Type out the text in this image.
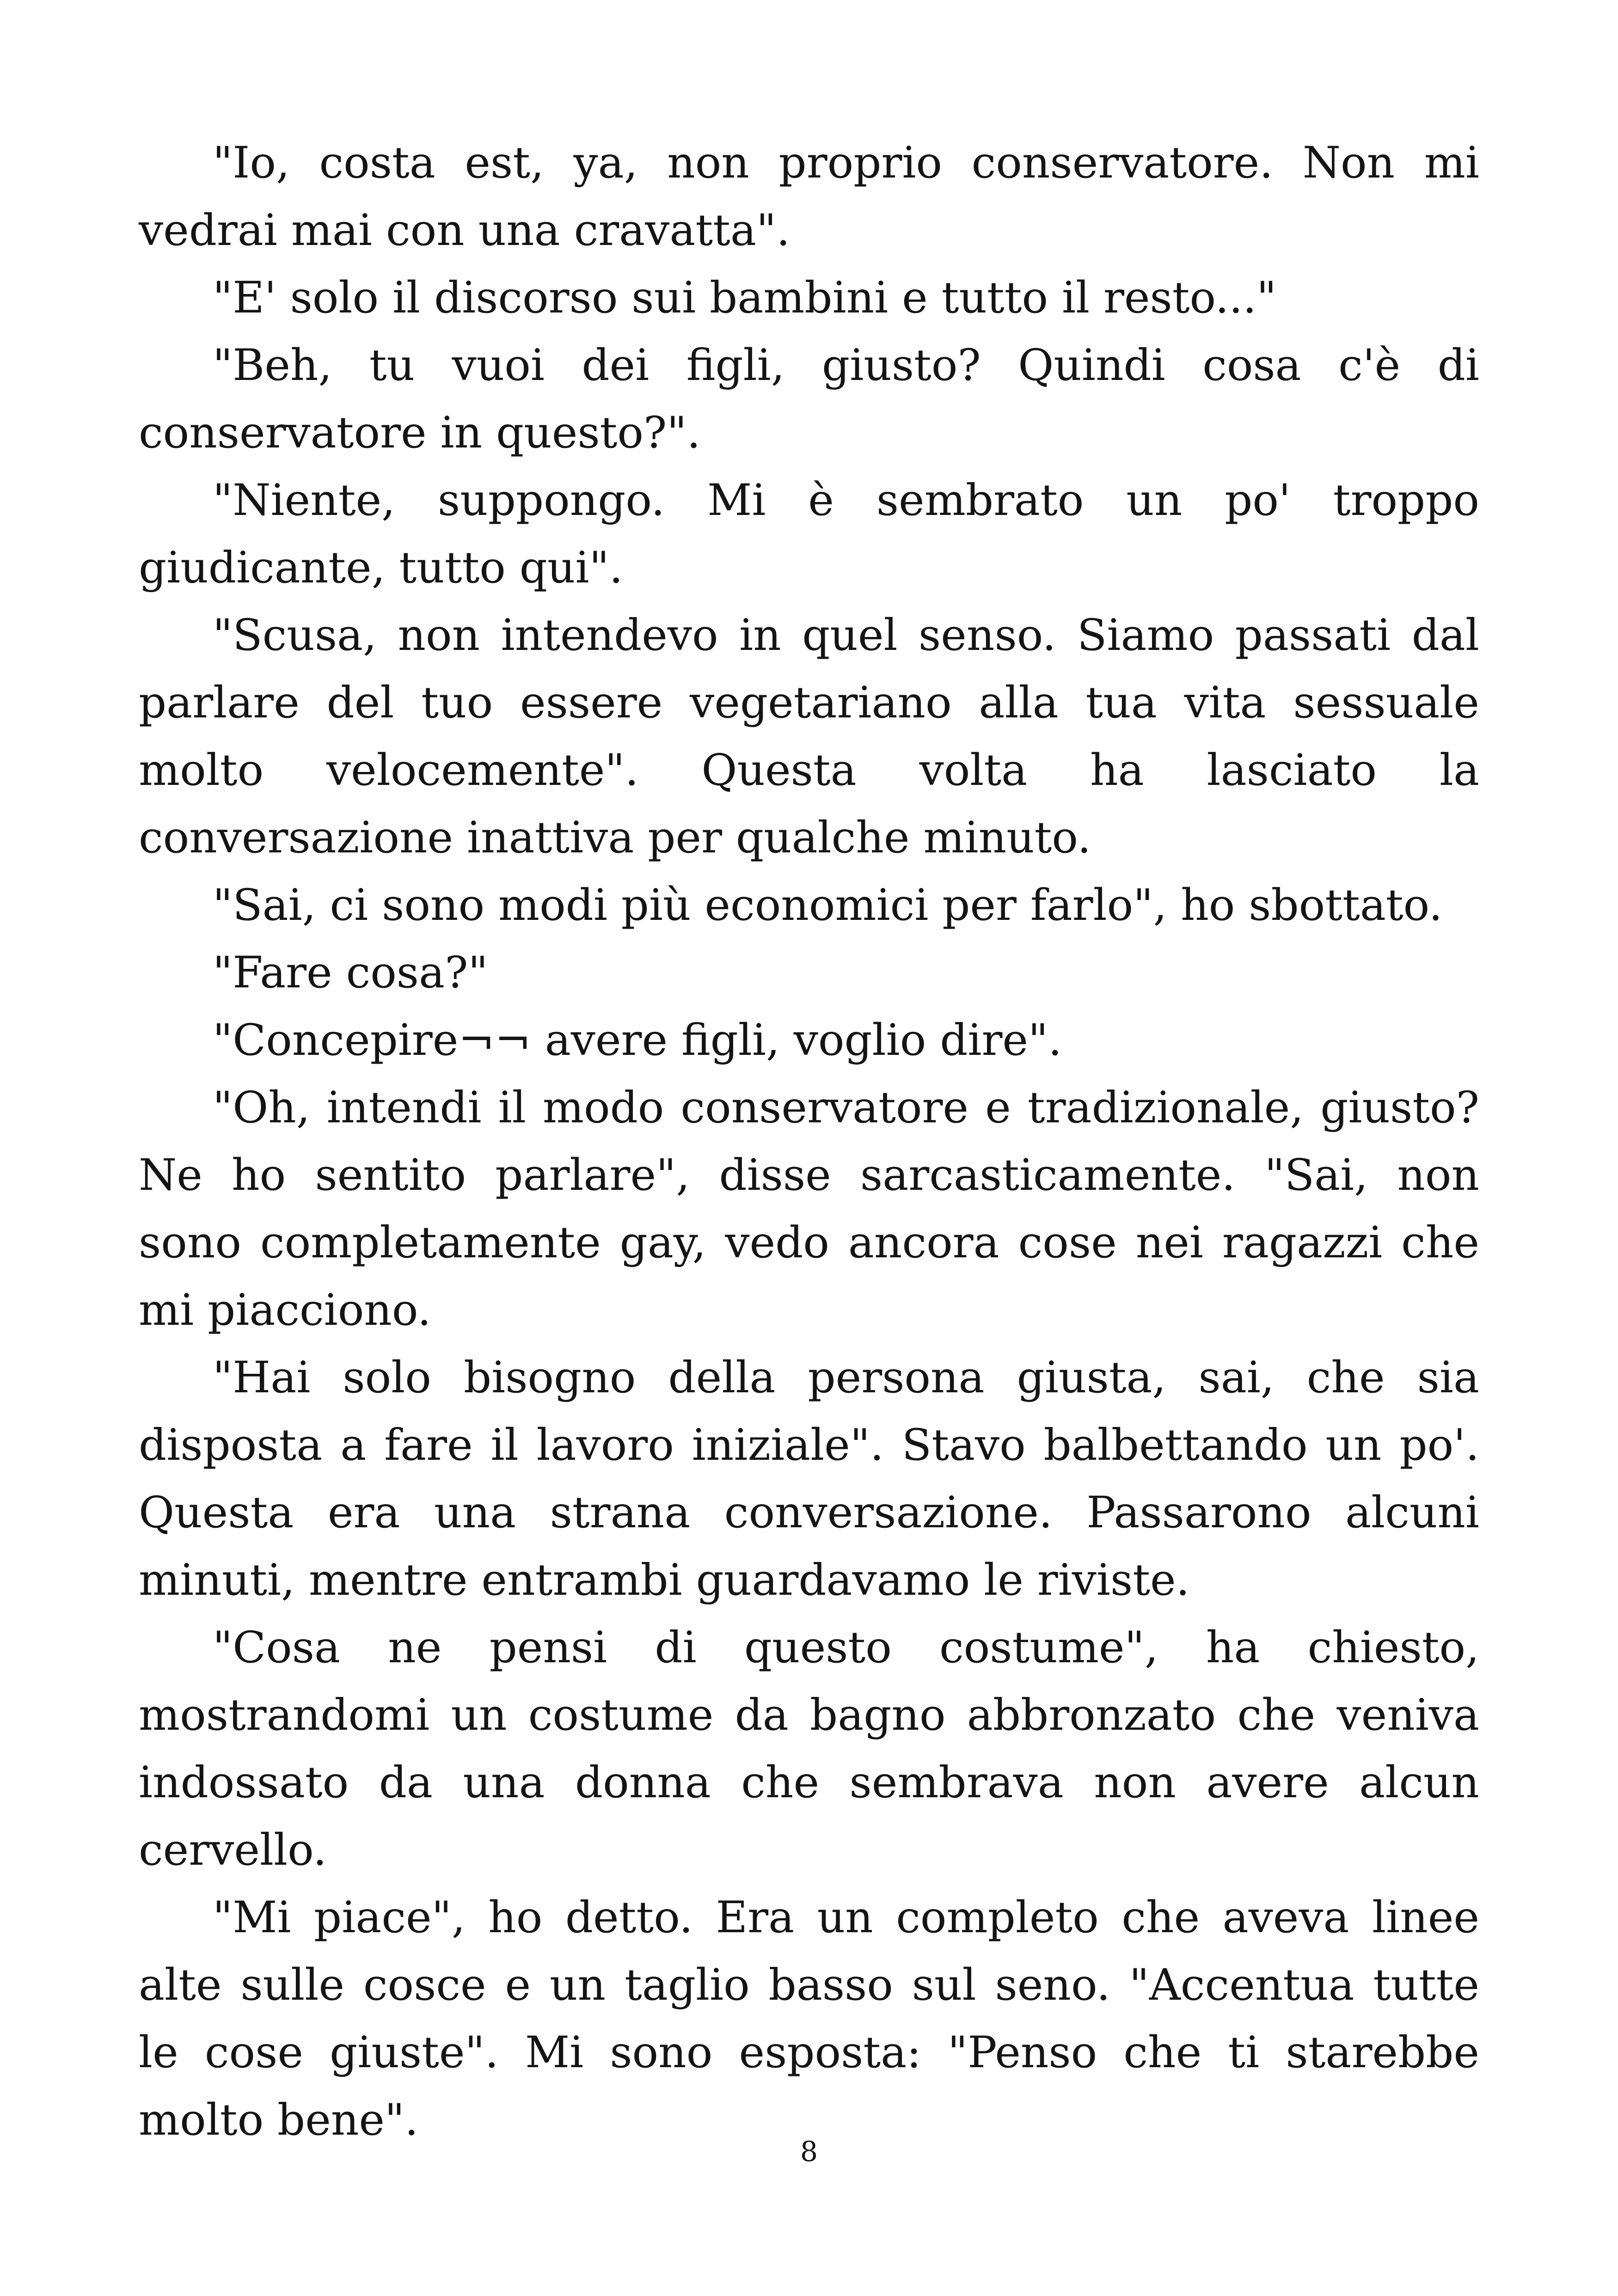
"Io, costa est, ya, non proprio conservatore. Non mi vedrai mai con una cravatta".

"E' solo il discorso sui bambini e tutto il resto..."

"Beh, tu vuoi dei figli, giusto? Quindi cosa c'è di conservatore in questo?".

"Niente, suppongo. Mi è sembrato un po' troppo giudicante, tutto qui".

"Scusa, non intendevo in quel senso. Siamo passati dal parlare del tuo essere vegetariano alla tua vita sessuale molto velocemente". Questa volta ha lasciato la conversazione inattiva per qualche minuto.

"Sai, ci sono modi più economici per farlo", ho sbottato.

"Fare cosa?"

"Concepire¬¬ avere figli, voglio dire".

"Oh, intendi il modo conservatore e tradizionale, giusto? Ne ho sentito parlare", disse sarcasticamente. "Sai, non sono completamente gay, vedo ancora cose nei ragazzi che mi piacciono.

"Hai solo bisogno della persona giusta, sai, che sia disposta a fare il lavoro iniziale". Stavo balbettando un po'. Questa era una strana conversazione. Passarono alcuni minuti, mentre entrambi guardavamo le riviste.

"Cosa ne pensi di questo costume", ha chiesto, mostrandomi un costume da bagno abbronzato che veniva indossato da una donna che sembrava non avere alcun cervello.

"Mi piace", ho detto. Era un completo che aveva linee alte sulle cosce e un taglio basso sul seno. "Accentua tutte le cose giuste". Mi sono esposta: "Penso che ti starebbe molto bene".

8
